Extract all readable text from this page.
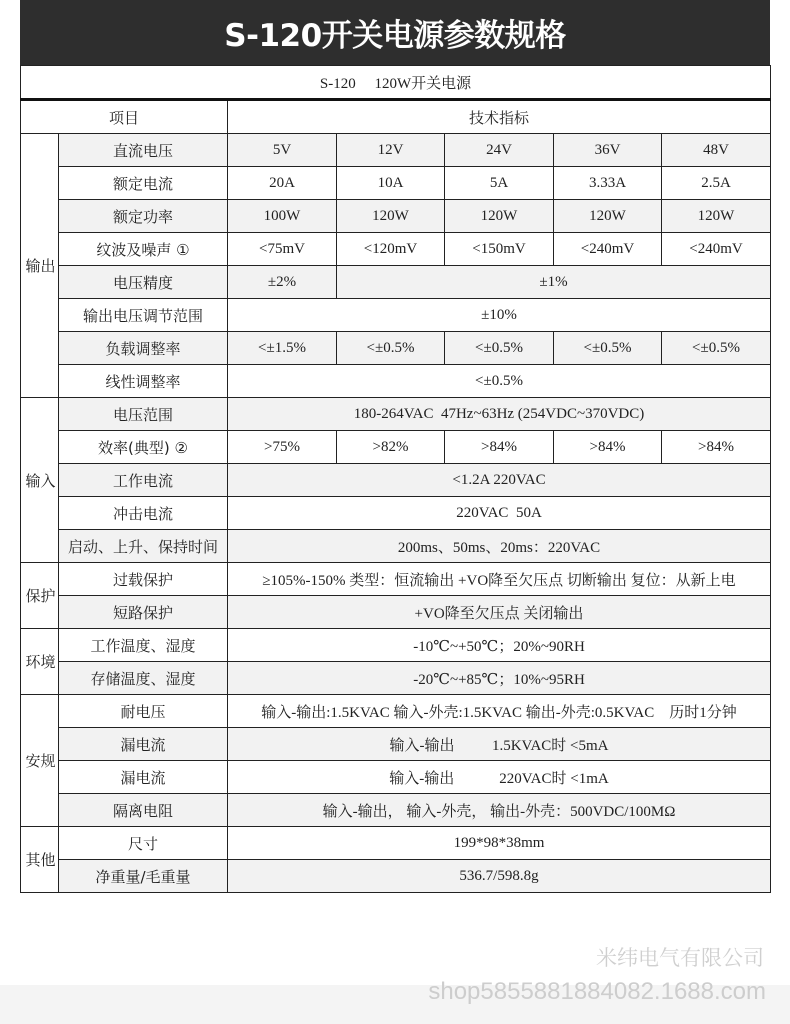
S-120开关电源参数规格
S-120     120W开关电源						
项目		技术指标				
输出	直流电压	5V	12V	24V	36V	48V
	额定电流	20A	10A	5A	3.33A	2.5A
	额定功率	100W	120W	120W	120W	120W
	纹波及噪声 ①	<75mV	<120mV	<150mV	<240mV	<240mV
	电压精度	±2%	±1%			
	输出电压调节范围	±10%				
	负载调整率	<±1.5%	<±0.5%	<±0.5%	<±0.5%	<±0.5%
	线性调整率	<±0.5%				
输入	电压范围	180-264VAC  47Hz~63Hz (254VDC~370VDC)				
	效率(典型) ②	>75%	>82%	>84%	>84%	>84%
	工作电流	<1.2A 220VAC				
	冲击电流	220VAC  50A				
	启动、上升、保持时间	200ms、50ms、20ms：220VAC				
保护	过载保护	≥105%-150% 类型：恒流输出 +VO降至欠压点 切断输出 复位：从新上电				
	短路保护	+VO降至欠压点 关闭输出				
环境	工作温度、湿度	-10℃~+50℃；20%~90RH				
	存储温度、湿度	-20℃~+85℃；10%~95RH				
安规	耐电压	输入-输出:1.5KVAC 输入-外壳:1.5KVAC 输出-外壳:0.5KVAC    历时1分钟				
	漏电流	输入-输出          1.5KVAC时 <5mA				
	漏电流	输入-输出            220VAC时 <1mA				
	隔离电阻	输入-输出， 输入-外壳， 输出-外壳：500VDC/100MΩ				
其他	尺寸	199*98*38mm				
	净重量/毛重量	536.7/598.8g				
米纬电气有限公司
shop5855881884082.1688.com
